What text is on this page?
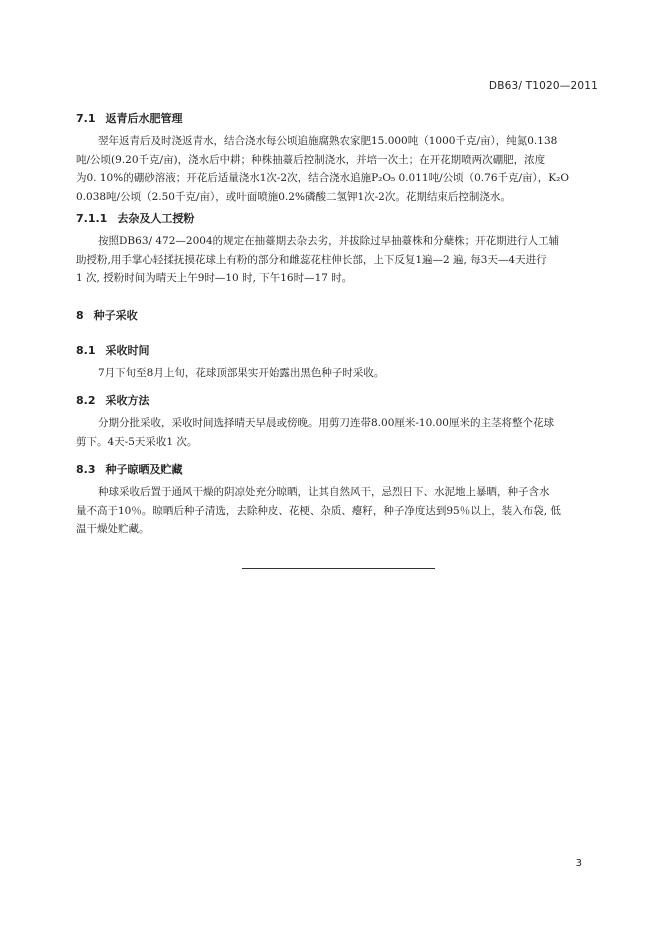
DB63/ T1020—2011
7.1 返青后水肥管理
翌年返青后及时浇返青水，结合浇水每公顷追施腐熟农家肥15.000吨（1000千克/亩），纯氮0.138
吨/公顷(9.20千克/亩)，浇水后中耕；种株抽薹后控制浇水，并培一次土；在开花期喷两次硼肥，浓度
为0. 10%的硼砂溶液；开花后适量浇水1次-2次，结合浇水追施P₂O₅ 0.011吨/公顷（0.76千克/亩），K₂O
0.038吨/公顷（2.50千克/亩），或叶面喷施0.2%磷酸二氢钾1次-2次。花期结束后控制浇水。
7.1.1 去杂及人工授粉
按照DB63/ 472—2004的规定在抽薹期去杂去劣，并拔除过早抽薹株和分蘖株；开花期进行人工辅
助授粉,用手掌心轻揉抚摸花球上有粉的部分和雌蕊花柱伸长部，上下反复1遍—2 遍, 每3天—4天进行
1 次, 授粉时间为晴天上午9时—10 时, 下午16时—17 时。
8 种子采收
8.1 采收时间
7月下旬至8月上旬，花球顶部果实开始露出黑色种子时采收。
8.2 采收方法
分期分批采收，采收时间选择晴天早晨或傍晚。用剪刀连带8.00厘米-10.00厘米的主茎将整个花球
剪下。4天-5天采收1 次。
8.3 种子晾晒及贮藏
种球采收后置于通风干燥的阴凉处充分晾晒，让其自然风干，忌烈日下、水泥地上暴晒，种子含水
量不高于10％。晾晒后种子清选，去除种皮、花梗、杂质、瘪籽，种子净度达到95％以上，装入布袋, 低
温干燥处贮藏。
3
